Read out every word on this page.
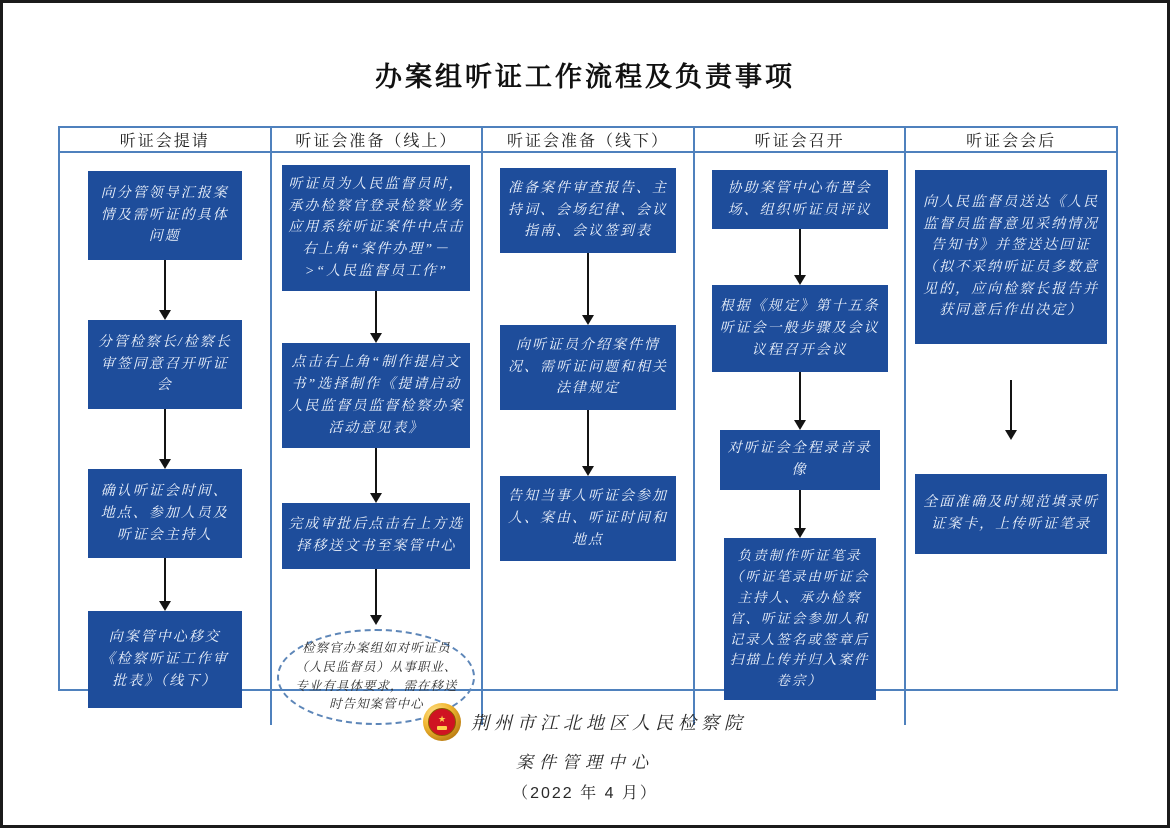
办案组听证工作流程及负责事项
听证会提请	听证会准备（线上）	听证会准备（线下）	听证会召开	听证会会后
向分管领导汇报案情及需听证的具体问题
分管检察长/检察长审签同意召开听证会
确认听证会时间、地点、参加人员及听证会主持人
向案管中心移交《检察听证工作审批表》（线下）
听证员为人民监督员时，承办检察官登录检察业务应用系统听证案件中点击右上角“案件办理”－>“人民监督员工作”
点击右上角“制作提启文书”选择制作《提请启动人民监督员监督检察办案活动意见表》
完成审批后点击右上方选择移送文书至案管中心
检察官办案组如对听证员（人民监督员）从事职业、专业有具体要求，需在移送时告知案管中心
准备案件审查报告、主持词、会场纪律、会议指南、会议签到表
向听证员介绍案件情况、需听证问题和相关法律规定
告知当事人听证会参加人、案由、听证时间和地点
协助案管中心布置会场、组织听证员评议
根据《规定》第十五条听证会一般步骤及会议议程召开会议
对听证会全程录音录像
负责制作听证笔录（听证笔录由听证会主持人、承办检察官、听证会参加人和记录人签名或签章后扫描上传并归入案件卷宗）
向人民监督员送达《人民监督员监督意见采纳情况告知书》并签送达回证（拟不采纳听证员多数意见的，应向检察长报告并获同意后作出决定）
全面准确及时规范填录听证案卡，上传听证笔录
★ 荆州市江北地区人民检察院
案件管理中心
（2022 年 4 月）
